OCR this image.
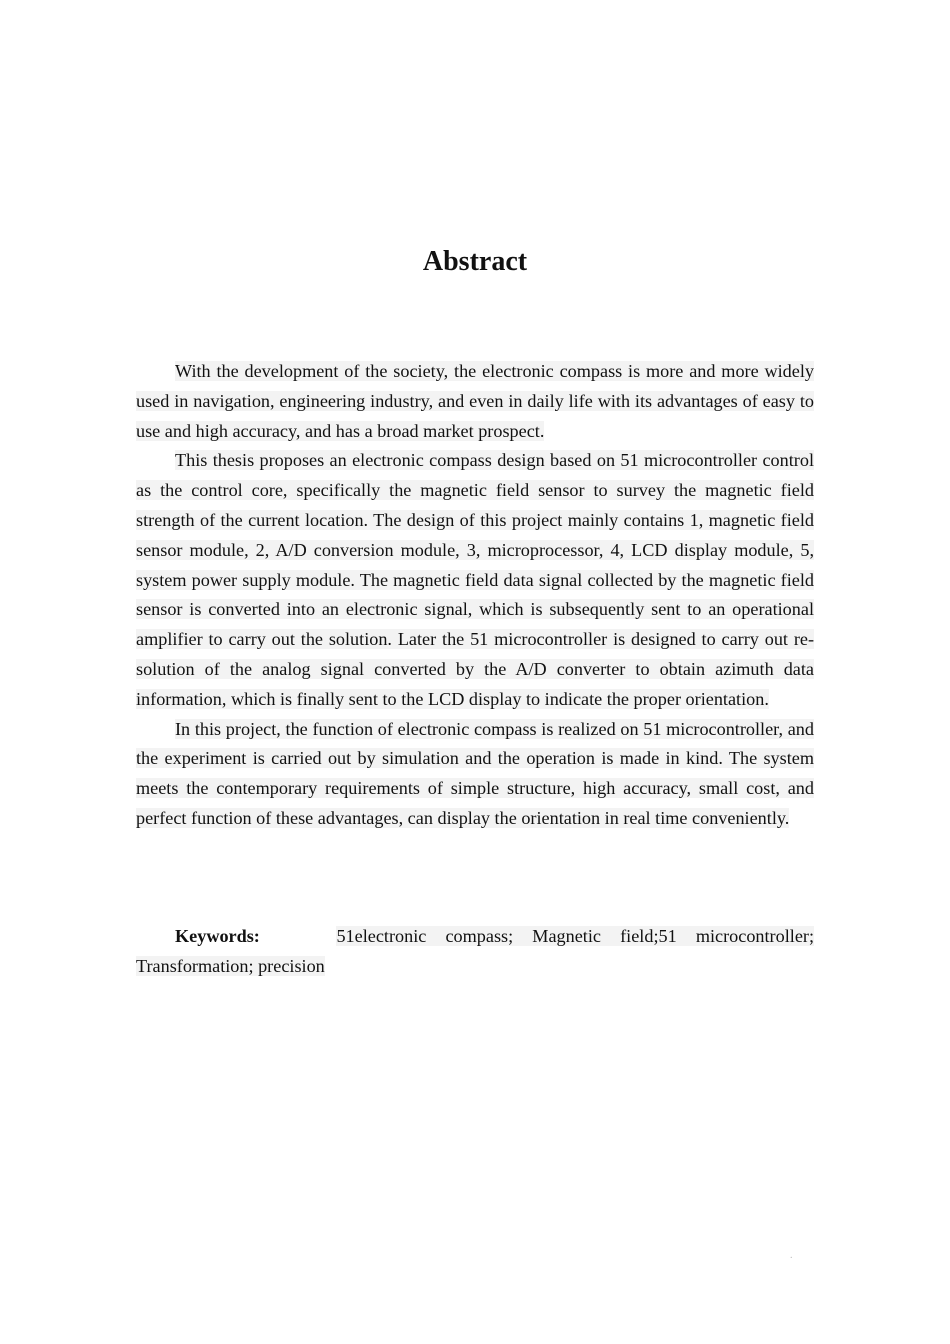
Abstract

With the development of the society, the electronic compass is more and more widely used in navigation, engineering industry, and even in daily life with its advantages of easy to use and high accuracy, and has a broad market prospect.

This thesis proposes an electronic compass design based on 51 microcontroller control as the control core, specifically the magnetic field sensor to survey the magnetic field strength of the current location. The design of this project mainly contains 1, magnetic field sensor module, 2, A/D conversion module, 3, microprocessor, 4, LCD display module, 5, system power supply module. The magnetic field data signal collected by the magnetic field sensor is converted into an electronic signal, which is subsequently sent to an operational amplifier to carry out the solution. Later the 51 microcontroller is designed to carry out re-solution of the analog signal converted by the A/D converter to obtain azimuth data information, which is finally sent to the LCD display to indicate the proper orientation.

In this project, the function of electronic compass is realized on 51 microcontroller, and the experiment is carried out by simulation and the operation is made in kind. The system meets the contemporary requirements of simple structure, high accuracy, small cost, and perfect function of these advantages, can display the orientation in real time conveniently.

Keywords:	51electronic compass; Magnetic field;51 microcontroller; Transformation; precision

.
